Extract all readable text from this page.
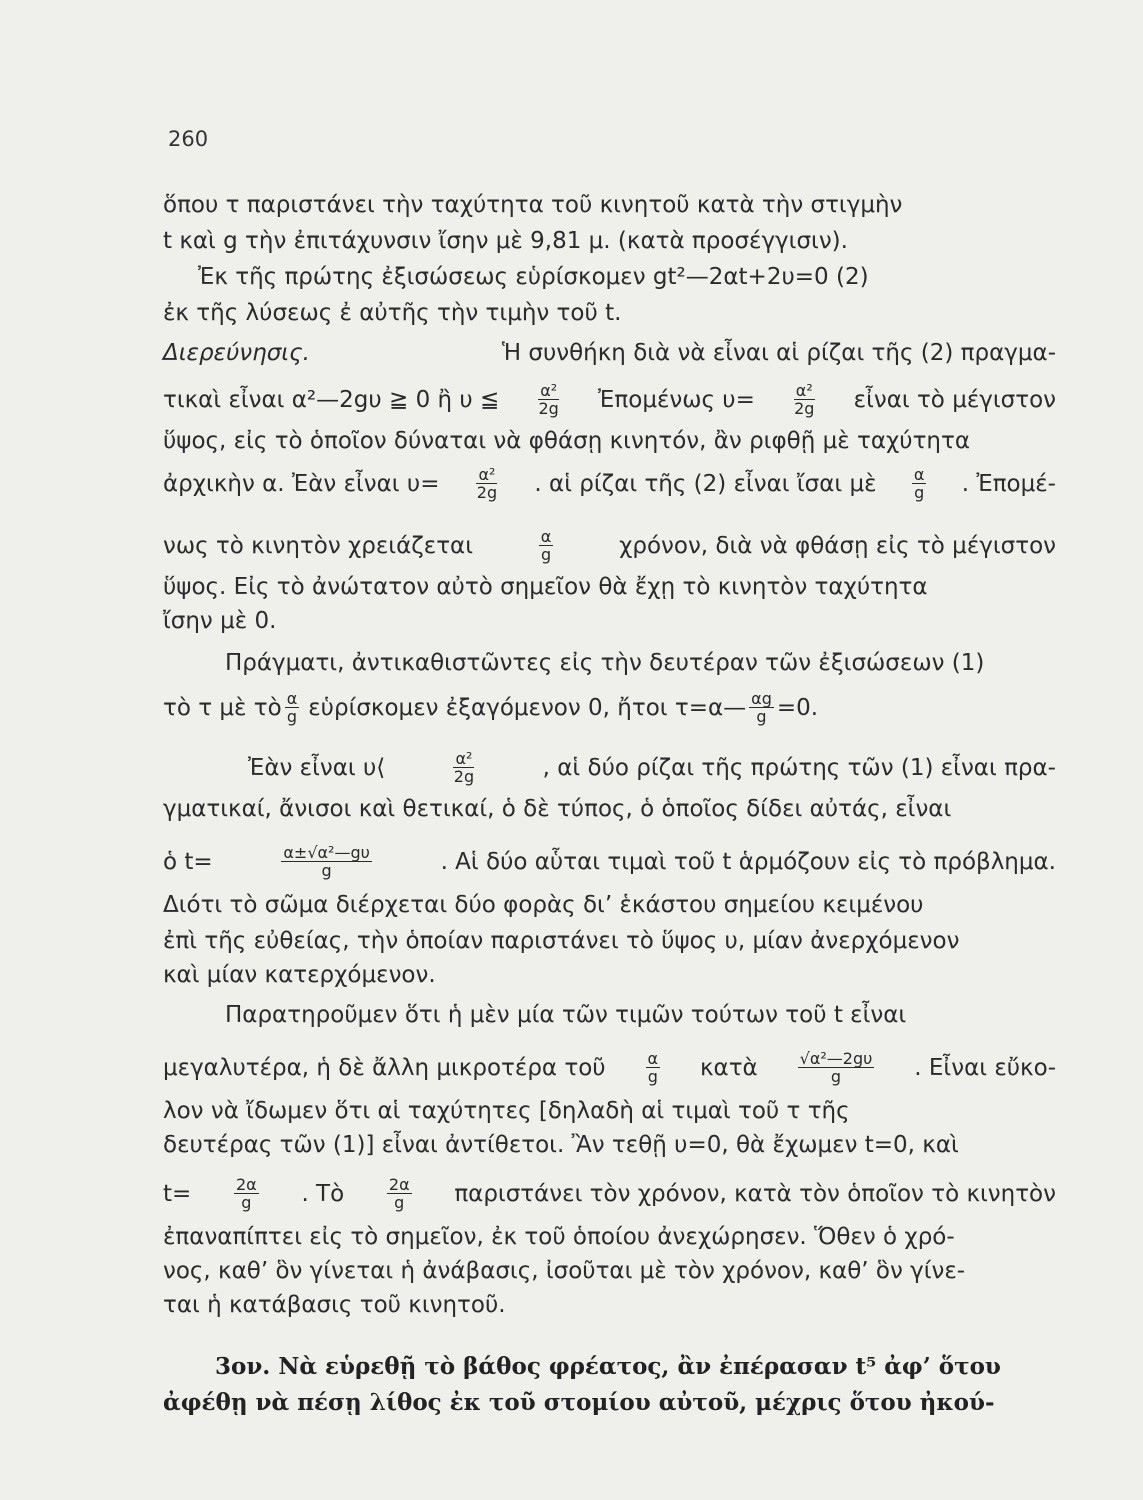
260
ὅπου τ παριστάνει τὴν ταχύτητα τοῦ κινητοῦ κατὰ τὴν στιγμὴν
t καὶ g τὴν ἐπιτάχυνσιν ἴσην μὲ 9,81 μ. (κατὰ προσέγγισιν).
Ἐκ τῆς πρώτης ἐξισώσεως εὑρίσκομεν gt²—2αt+2υ=0 (2)
ἐκ τῆς λύσεως ἐ αὐτῆς τὴν τιμὴν τοῦ t.
Διερεύνησις.	Ἡ συνθήκη διὰ νὰ εἶναι αἱ ρίζαι τῆς (2) πραγμα-
τικαὶ εἶναι α²—2gυ ≧ 0 ἢ υ ≦ $\frac{\text{α²}}{2g}$ Ἐπομένως $\upsilon= \frac{\text{α²}}{2g}$ εἶναι τὸ μέγιστον
ὕψος, εἰς τὸ ὁποῖον δύναται νὰ φθάσῃ κινητόν, ἂν ριφθῇ μὲ ταχύτητα
ἀρχικὴν α. Ἐὰν εἶναι $\upsilon= \frac{\text{α²}}{2g}$ . αἱ ρίζαι τῆς (2) εἶναι ἴσαι μὲ $\frac{\alpha}{g}$ . Ἐπομέ-
νως τὸ κινητὸν χρειάζεται	$\frac{\alpha}{g}$	χρόνον, διὰ νὰ φθάσῃ εἰς τὸ μέγιστον
ὕψος. Εἰς τὸ ἀνώτατον αὐτὸ σημεῖον θὰ ἔχῃ τὸ κινητὸν ταχύτητα
ἴσην μὲ 0.
Πράγματι, ἀντικαθιστῶντες εἰς τὴν δευτέραν τῶν ἐξισώσεων (1)
τὸ τ μὲ τὸ $\frac{\alpha}{g}$ εὑρίσκομεν ἐξαγόμενον 0, ἤτοι τ=α— $\frac{\alpha g}{g} =0$.
Ἐὰν εἶναι υ⟨	$\frac{\text{α²}}{2g}$	, αἱ δύο ρίζαι τῆς πρώτης τῶν (1) εἶναι πρα-
γματικαί, ἄνισοι καὶ θετικαί, ὁ δὲ τύπος, ὁ ὁποῖος δίδει αὐτάς, εἶναι
ὁ t=	$\frac{\text{α±√α²—gυ}}{g}$	. Αἱ δύο αὗται τιμαὶ τοῦ t ἁρμόζουν εἰς τὸ πρόβλημα.
Διότι τὸ σῶμα διέρχεται δύο φορὰς δι’ ἑκάστου σημείου κειμένου
ἐπὶ τῆς εὐθείας, τὴν ὁποίαν παριστάνει τὸ ὕψος υ, μίαν ἀνερχόμενον
καὶ μίαν κατερχόμενον.
Παρατηροῦμεν ὅτι ἡ μὲν μία τῶν τιμῶν τούτων τοῦ t εἶναι
μεγαλυτέρα, ἡ δὲ ἄλλη μικροτέρα τοῦ $\frac{\alpha}{g}$ κατὰ $\frac{\text{√α²—2gυ}}{g}$ . Εἶναι εὔκο-
λον νὰ ἴδωμεν ὅτι αἱ ταχύτητες [δηλαδὴ αἱ τιμαὶ τοῦ τ τῆς
δευτέρας τῶν (1)] εἶναι ἀντίθετοι. Ἂν τεθῇ υ=0, θὰ ἔχωμεν t=0, καὶ
t=	$\frac{2\alpha}{g}$ . Τὸ	$\frac{2\alpha}{g}$ παριστάνει τὸν χρόνον, κατὰ τὸν ὁποῖον τὸ κινητὸν
ἐπαναπίπτει εἰς τὸ σημεῖον, ἐκ τοῦ ὁποίου ἀνεχώρησεν. Ὅθεν ὁ χρό-
νος, καθ’ ὃν γίνεται ἡ ἀνάβασις, ἰσοῦται μὲ τὸν χρόνον, καθ’ ὃν γίνε-
ται ἡ κατάβασις τοῦ κινητοῦ.
3ον. Νὰ εὑρεθῇ τὸ βάθος φρέατος, ἂν ἐπέρασαν t⁵ ἀφ’ ὅτου
ἀφέθῃ νὰ πέσῃ λίθος ἐκ τοῦ στομίου αὐτοῦ, μέχρις ὅτου ἠκού-
